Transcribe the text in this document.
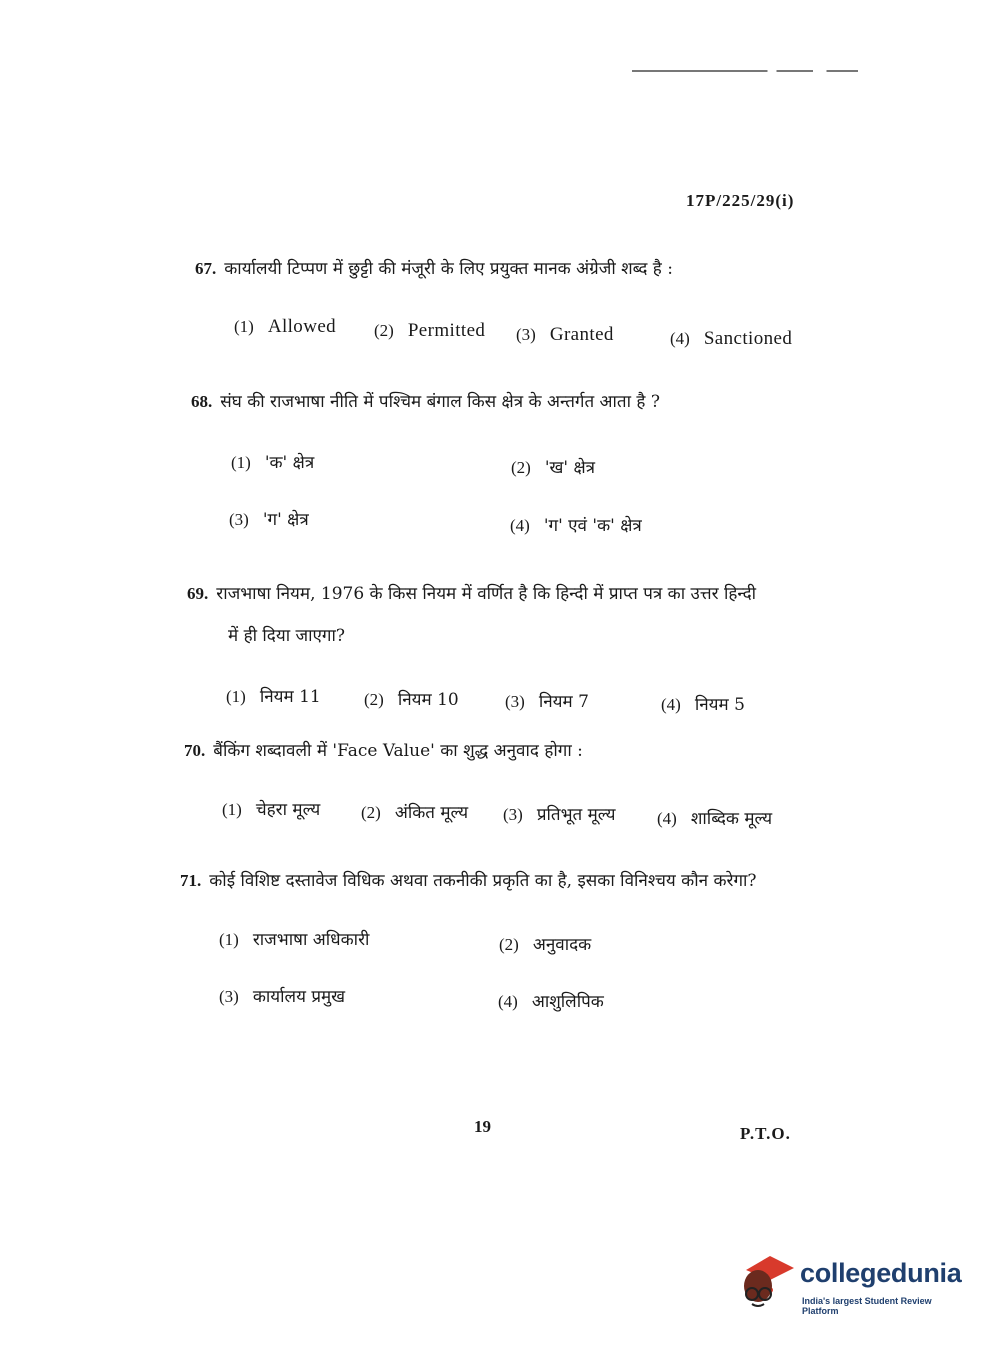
17P/225/29(i)
67. कार्यालयी टिप्पण में छुट्टी की मंजूरी के लिए प्रयुक्त मानक अंग्रेजी शब्द है :
(1) Allowed (2) Permitted (3) Granted	(4) Sanctioned
68. संघ की राजभाषा नीति में पश्चिम बंगाल किस क्षेत्र के अन्तर्गत आता है ?
(1) 'क' क्षेत्र	(2) 'ख' क्षेत्र
(3) 'ग' क्षेत्र	(4) 'ग' एवं 'क' क्षेत्र
69. राजभाषा नियम, 1976 के किस नियम में वर्णित है कि हिन्दी में प्राप्त पत्र का उत्तर हिन्दी
में ही दिया जाएगा?
(1) नियम 11	(2) नियम 10	(3) नियम 7	(4) नियम 5
70. बैंकिंग शब्दावली में 'Face Value' का शुद्ध अनुवाद होगा :
(1) चेहरा मूल्य (2) अंकित मूल्य (3) प्रतिभूत मूल्य (4) शाब्दिक मूल्य
71. कोई विशिष्ट दस्तावेज विधिक अथवा तकनीकी प्रकृति का है, इसका विनिश्चय कौन करेगा?
(1) राजभाषा अधिकारी	(2) अनुवादक
(3) कार्यालय प्रमुख	(4) आशुलिपिक
19	P.T.O.
collegedunia
India's largest Student Review Platform
